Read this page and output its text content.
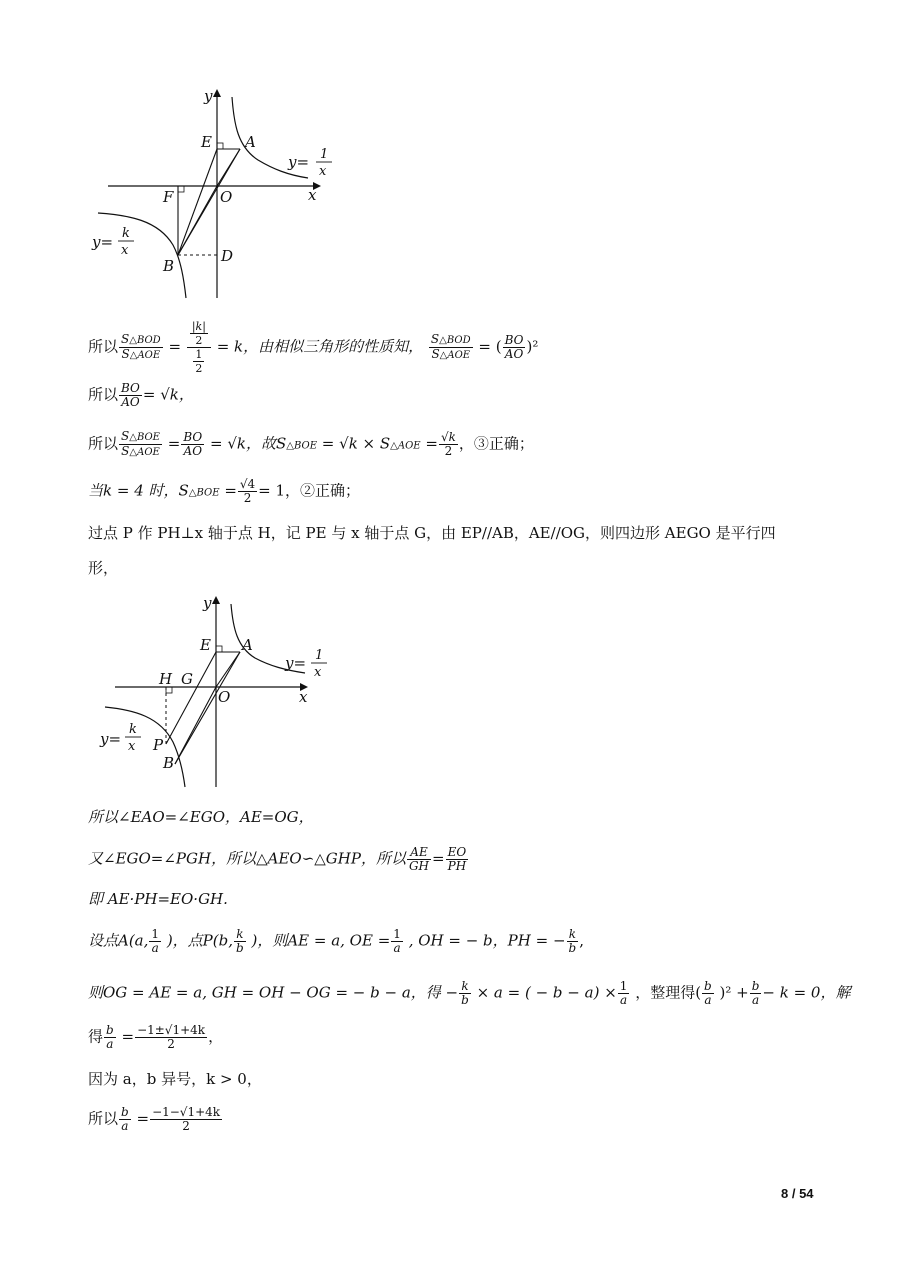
y
x
E A
O
F
B
D
y= 1
x
y= k
x
所以 S△BOD
S△AOE = $\frac{\frac{|k|}{2}}{\frac{1}{2}} = k$，由相似三角形的性质知， S△BOD
S△AOE = ( $\frac{BO}{AO} )^2$
所以 $\frac{BO}{AO} = √k$，
所以 S△BOE
S△AOE = $\frac{BO}{AO} = √k$，故S△BOE = √k × S△AOE = $\frac{√k}{2}$ ，③正确；
当k = 4 时，S△BOE = $\frac{√4}{2} = 1$，②正确；
过点 P 作 PH⊥x 轴于点 H，记 PE 与 x 轴于点 G，由 EP//AB，AE//OG，则四边形 AEGO 是平行四
形，
y
x
E A
H G
O
P
B
y= 1
x
y=
k
x
所以∠EAO=∠EGO，AE=OG，
又∠EGO=∠PGH，所以△AEO∽△GHP，所以 $\frac{AE}{GH} = \frac{EO}{PH}$
即 AE·PH=EO·GH.
设点A(a, $\frac{1}{a}$ )，点P(b, $\frac{k}{b}$ )，则AE = a, OE = $\frac{1}{a}$ , OH = − b，PH = − $\frac{k}{b}$ ,
则OG = AE = a, GH = OH − OG = − b − a，得 − $\frac{k}{b} \times a$ = ( − $b - a) \times \frac{1}{a}$ ，整理得( $\frac{b}{a} )^2 + \frac{b}{a} - k = 0$，解
得 $\frac{b}{a} = \frac{-1\pm√1+4k}{2}$ ，
因为 a，b 异号，k > 0，
所以 $\frac{b}{a} = \frac{-1-√1+4k}{2}$
8 / 54
